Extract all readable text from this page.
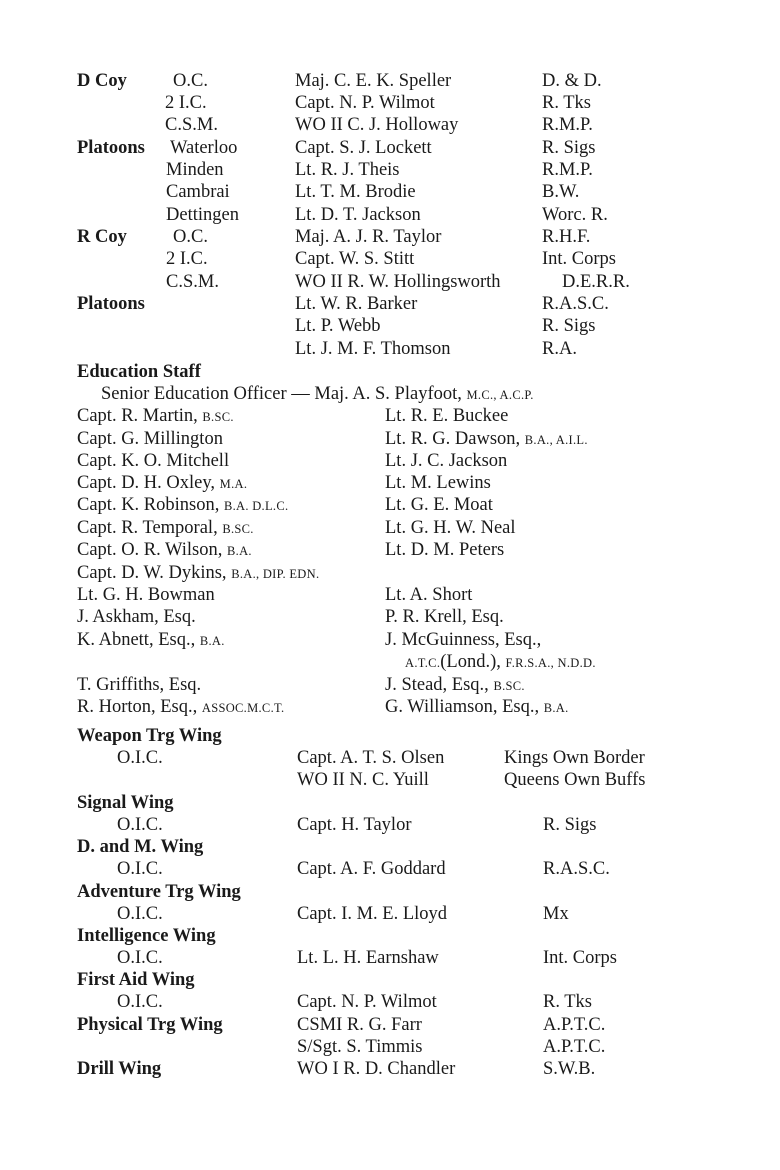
D Coy O.C.	Maj. C. E. K. Speller	D. & D.
2 I.C.	Capt. N. P. Wilmot	R. Tks
C.S.M.	WO II C. J. Holloway	R.M.P.
Platoons Waterloo	Capt. S. J. Lockett	R. Sigs
Minden	Lt. R. J. Theis	R.M.P.
Cambrai	Lt. T. M. Brodie	B.W.
Dettingen	Lt. D. T. Jackson	Worc. R.
R Coy O.C.	Maj. A. J. R. Taylor	R.H.F.
2 I.C.	Capt. W. S. Stitt	Int. Corps
C.S.M.	WO II R. W. Hollingsworth	D.E.R.R.
Platoons	Lt. W. R. Barker	R.A.S.C.
Lt. P. Webb	R. Sigs
Lt. J. M. F. Thomson	R.A.
Education Staff
Senior Education Officer — Maj. A. S. Playfoot, M.C., A.C.P.
Capt. R. Martin, B.SC.	Lt. R. E. Buckee
Capt. G. Millington	Lt. R. G. Dawson, B.A., A.I.L.
Capt. K. O. Mitchell	Lt. J. C. Jackson
Capt. D. H. Oxley, M.A.	Lt. M. Lewins
Capt. K. Robinson, B.A. D.L.C.	Lt. G. E. Moat
Capt. R. Temporal, B.SC.	Lt. G. H. W. Neal
Capt. O. R. Wilson, B.A.	Lt. D. M. Peters
Capt. D. W. Dykins, B.A., DIP. EDN.
Lt. G. H. Bowman	Lt. A. Short
J. Askham, Esq.	P. R. Krell, Esq.
K. Abnett, Esq., B.A.	J. McGuinness, Esq.,
A.T.C.(Lond.), F.R.S.A., N.D.D.
T. Griffiths, Esq.	J. Stead, Esq., B.SC.
R. Horton, Esq., ASSOC.M.C.T.	G. Williamson, Esq., B.A.
Weapon Trg Wing
O.I.C.	Capt. A. T. S. Olsen	Kings Own Border
WO II N. C. Yuill	Queens Own Buffs
Signal Wing
O.I.C.	Capt. H. Taylor	R. Sigs
D. and M. Wing
O.I.C.	Capt. A. F. Goddard	R.A.S.C.
Adventure Trg Wing
O.I.C.	Capt. I. M. E. Lloyd	Mx
Intelligence Wing
O.I.C.	Lt. L. H. Earnshaw	Int. Corps
First Aid Wing
O.I.C.	Capt. N. P. Wilmot	R. Tks
Physical Trg Wing	CSMI R. G. Farr	A.P.T.C.
S/Sgt. S. Timmis	A.P.T.C.
Drill Wing	WO I R. D. Chandler	S.W.B.
